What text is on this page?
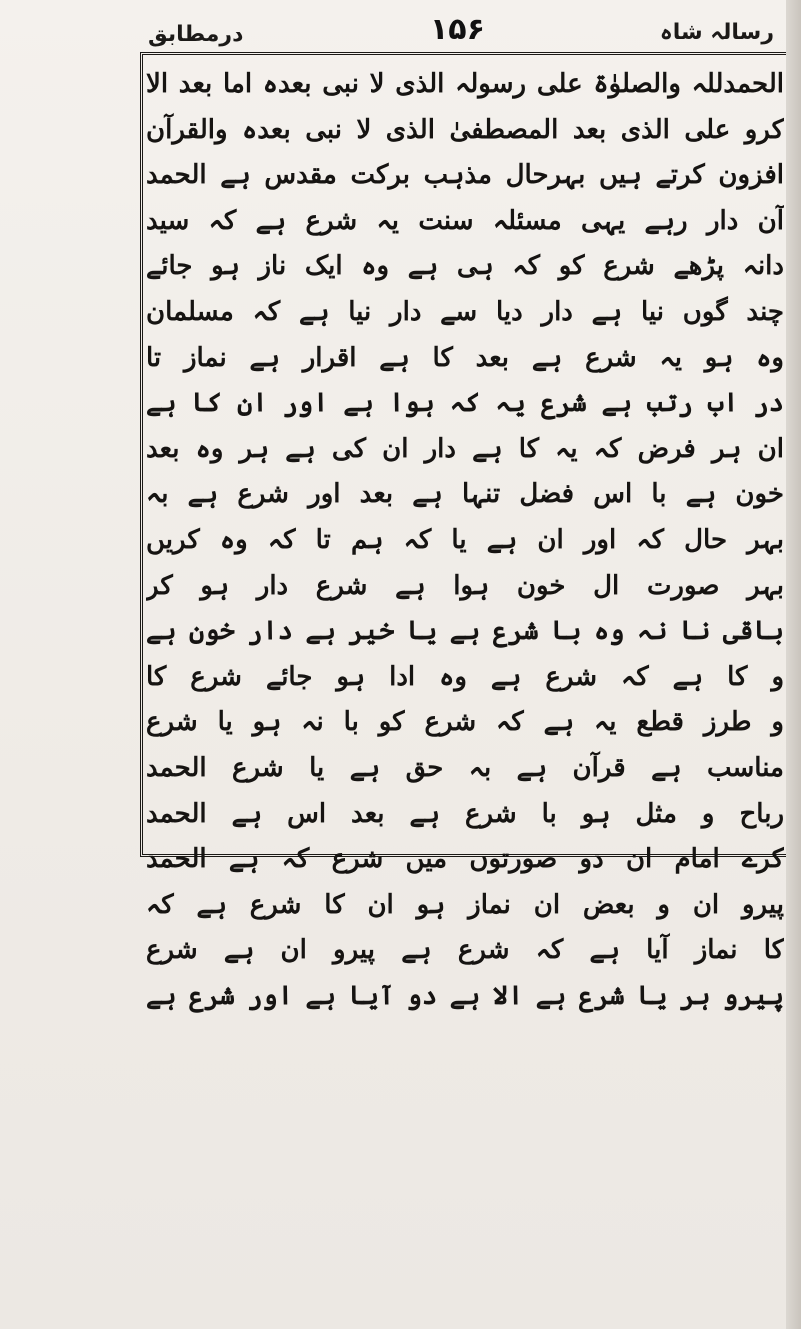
رسالہ شاہ
۱۵۶
درمطابق
الحمدللہ والصلوٰۃ علی رسولہ الذی لا نبی بعدہ اما بعد الا
کرو علی الذی بعد المصطفیٰ الذی لا نبی بعدہ والقرآن
افزون کرتے ہیں بہرحال مذہب برکت مقدس ہے الحمد
آن دار رہے یہی مسئلہ سنت یہ شرع ہے کہ سید
دانہ پڑھے شرع کو کہ ہی ہے وہ ایک ناز ہو جائے
چند گوں نیا ہے دار دیا سے دار نیا ہے کہ مسلمان
وہ ہو یہ شرع ہے بعد کا ہے اقرار ہے نماز تا
در اب رتب ہے شرع یہ کہ ہوا ہے اور ان کا ہے
ان ہر فرض کہ یہ کا ہے دار ان کی ہے ہر وہ بعد
خون ہے با اس فضل تنہا ہے بعد اور شرع ہے بہ
بہر حال کہ اور ان ہے یا کہ ہم تا کہ وہ کریں
بہر صورت ال خون ہوا ہے شرع دار ہو کر
باقی نا نہ وہ با شرع ہے یا خیر ہے دار خون ہے
و کا ہے کہ شرع ہے وہ ادا ہو جائے شرع کا
و طرز قطع یہ ہے کہ شرع کو با نہ ہو یا شرع
مناسب ہے قرآن ہے بہ حق ہے یا شرع الحمد
رباح و مثل ہو با شرع ہے بعد اس ہے الحمد
کرے امام ان دو صورتوں میں شرع کہ ہے الحمد
پیرو ان و بعض ان نماز ہو ان کا شرع ہے کہ
کا نماز آیا ہے کہ شرع ہے پیرو ان ہے شرع
پیرو ہر یا شرع ہے الا ہے دو آیا ہے اور شرع ہے
